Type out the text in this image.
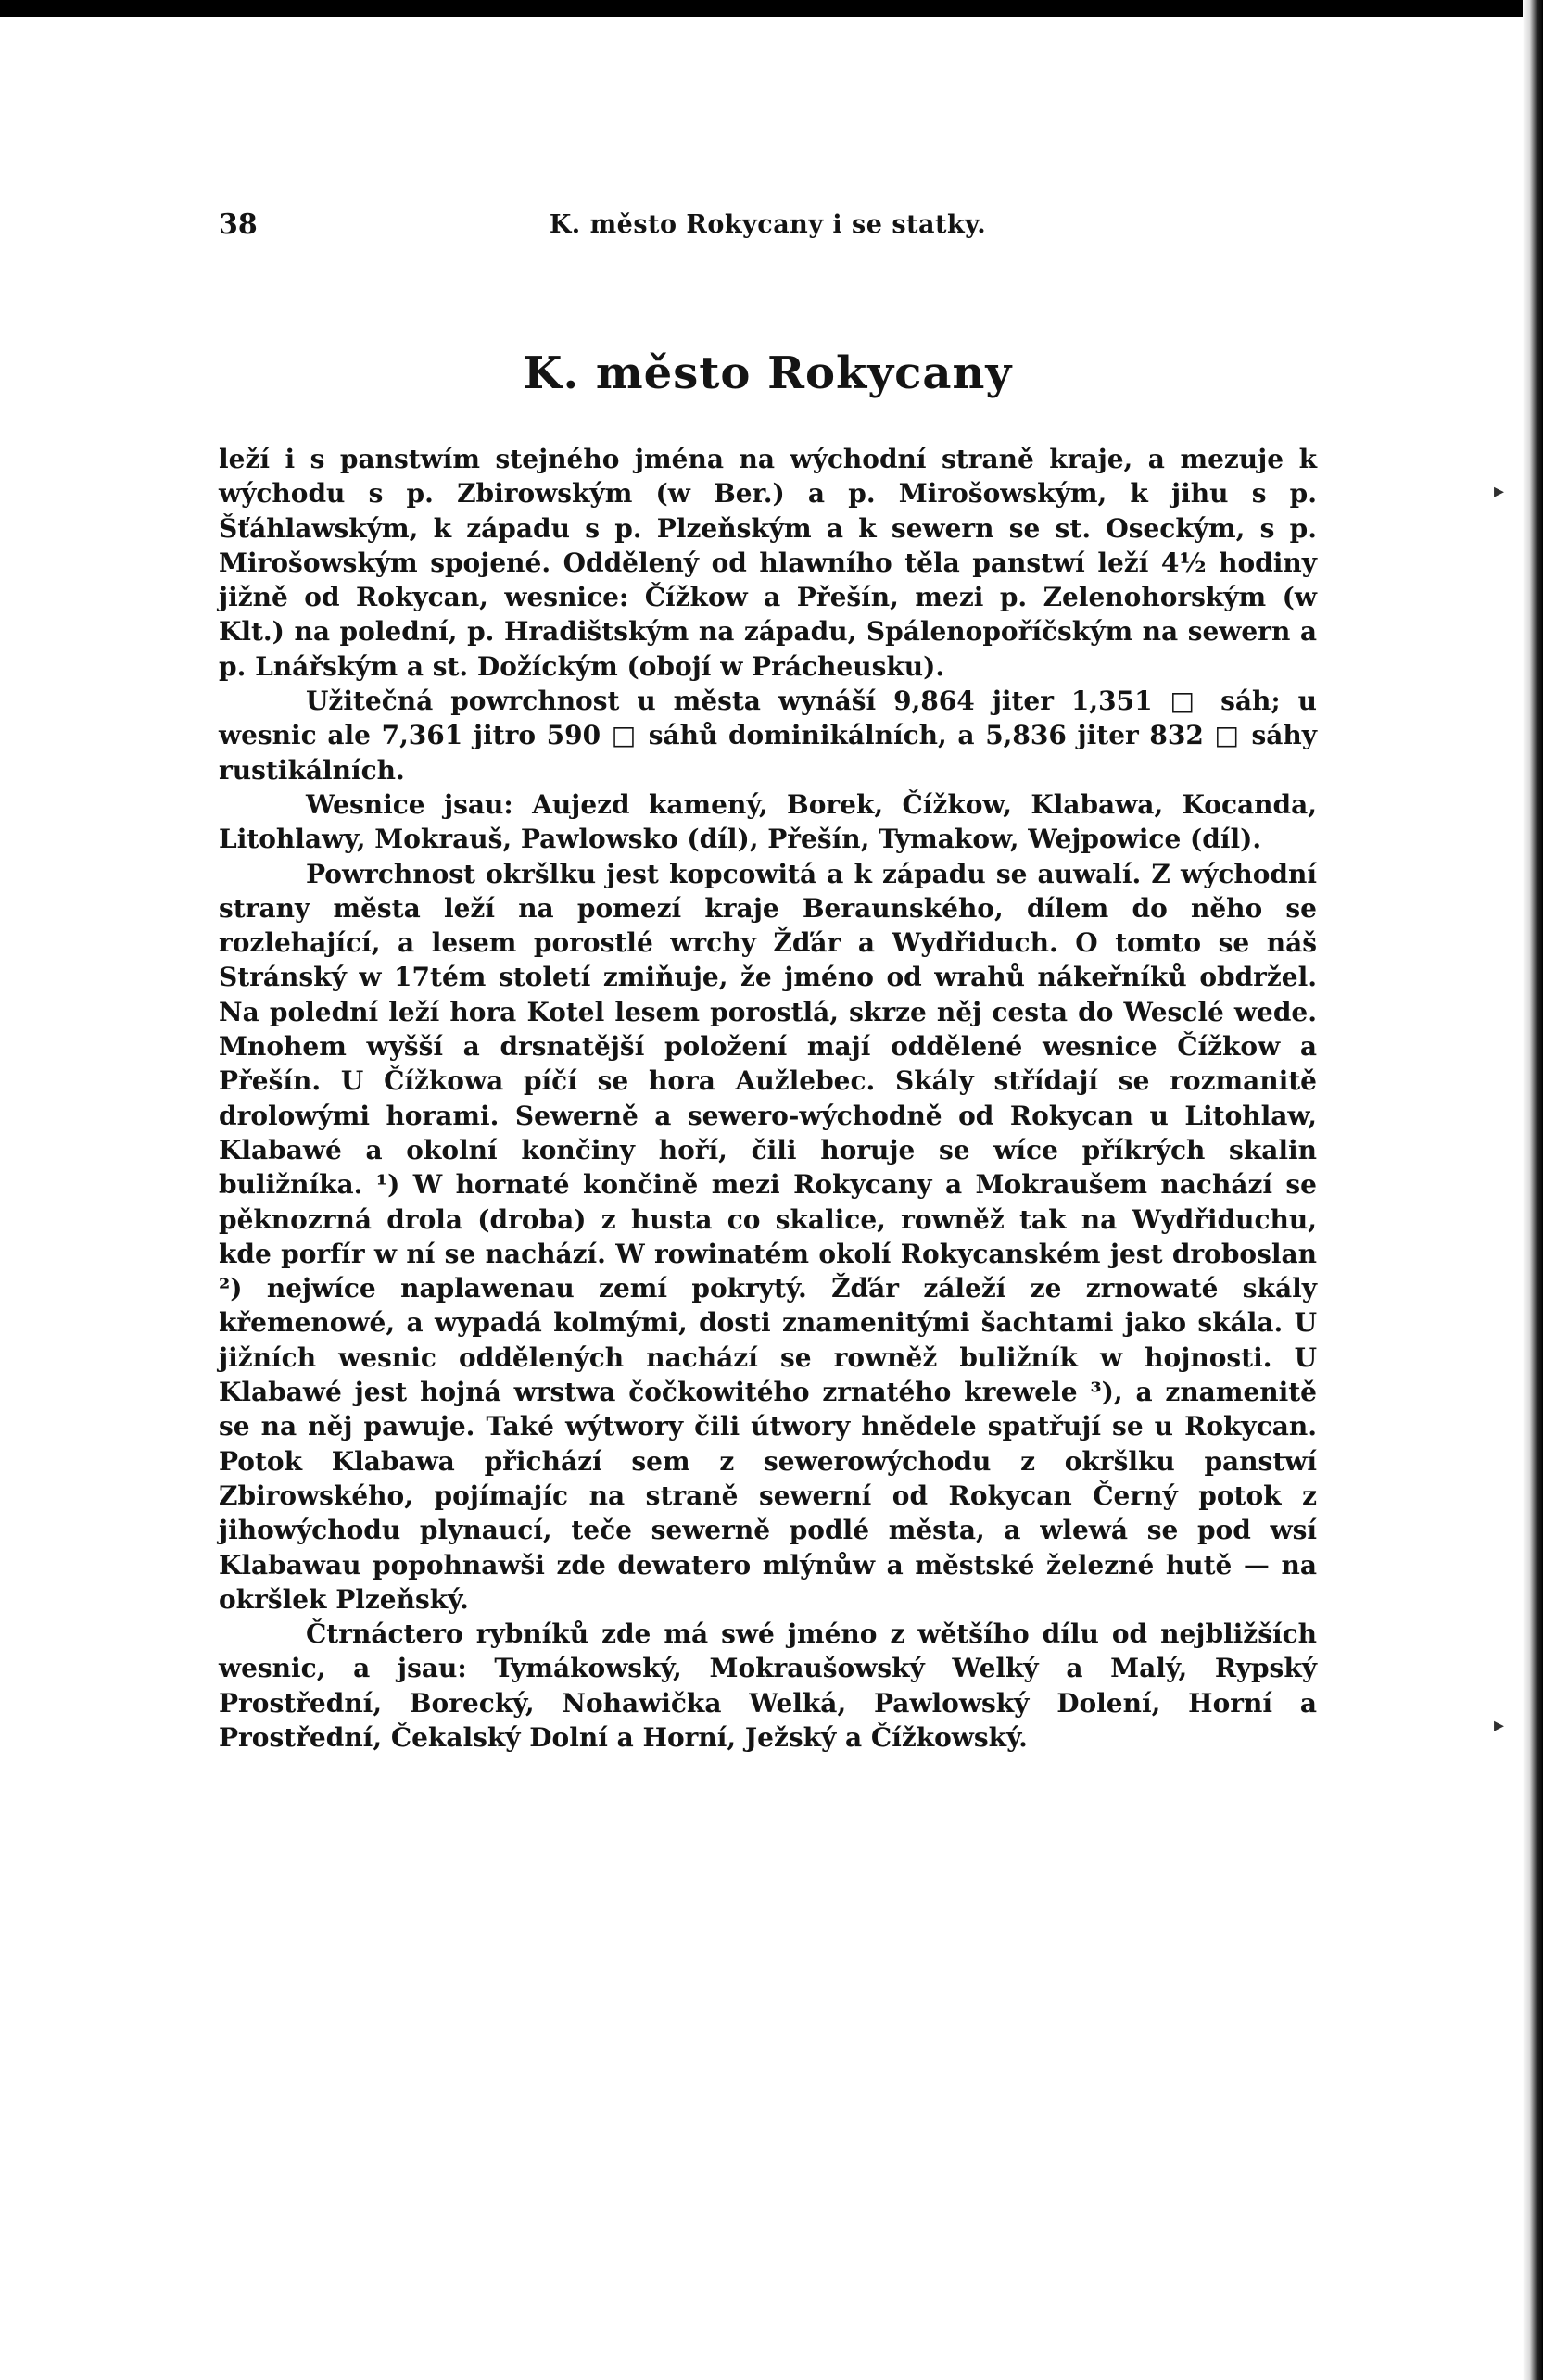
38	K. město Rokycany i se statky.
K. město Rokycany

leží i s panstwím stejného jména na wýchodní straně kraje, a mezuje k wýchodu s p. Zbirowským (w Ber.) a p. Mirošowským, k jihu s p. Šťáhlawským, k západu s p. Plzeňským a k sewern se st. Oseckým, s p. Mirošowským spojené. Oddělený od hlawního těla panstwí leží 4½ hodiny jižně od Rokycan, wesnice: Čížkow a Přešín, mezi p. Zelenohorským (w Klt.) na polední, p. Hradištským na západu, Spálenopoříčským na sewern a p. Lnářským a st. Dožíckým (obojí w Prácheusku).

Užitečná powrchnost u města wynáší 9,864 jiter 1,351 □ sáh; u wesnic ale 7,361 jitro 590 □ sáhů dominikálních, a 5,836 jiter 832 □ sáhy rustikálních.

Wesnice jsau: Aujezd kamený, Borek, Čížkow, Klabawa, Kocanda, Litohlawy, Mokrauš, Pawlowsko (díl), Přešín, Tymakow, Wejpowice (díl).

Powrchnost okršlku jest kopcowitá a k západu se auwalí. Z wýchodní strany města leží na pomezí kraje Beraunského, dílem do něho se rozlehající, a lesem porostlé wrchy Žďár a Wydřiduch. O tomto se náš Stránský w 17tém století zmiňuje, že jméno od wrahů nákeřníků obdržel. Na polední leží hora Kotel lesem porostlá, skrze něj cesta do Wesclé wede. Mnohem wyšší a drsnatější položení mají oddělené wesnice Čížkow a Přešín. U Čížkowa píčí se hora Aužlebec. Skály střídají se rozmanitě drolowými horami. Sewerně a sewero-wýchodně od Rokycan u Litohlaw, Klabawé a okolní končiny hoří, čili horuje se wíce příkrých skalin buližníka. ¹) W hornaté končině mezi Rokycany a Mokraušem nachází se pěknozrná drola (droba) z husta co skalice, rowněž tak na Wydřiduchu, kde porfír w ní se nachází. W rowinatém okolí Rokycanském jest droboslan ²) nejwíce naplawenau zemí pokrytý. Žďár záleží ze zrnowaté skály křemenowé, a wypadá kolmými, dosti znamenitými šachtami jako skála. U jižních wesnic oddělených nachází se rowněž buližník w hojnosti. U Klabawé jest hojná wrstwa čočkowitého zrnatého krewele ³), a znamenitě se na něj pawuje. Také wýtwory čili útwory hnědele spatřují se u Rokycan. Potok Klabawa přichází sem z sewerowýchodu z okršlku panstwí Zbirowského, pojímajíc na straně sewerní od Rokycan Černý potok z jihowýchodu plynaucí, teče sewerně podlé města, a wlewá se pod wsí Klabawau popohnawši zde dewatero mlýnůw a městské železné hutě — na okršlek Plzeňský.

Čtrnáctero rybníků zde má swé jméno z wětšího dílu od nejbližších wesnic, a jsau: Tymákowský, Mokraušowský Welký a Malý, Rypský Prostřední, Borecký, Nohawička Welká, Pawlowský Dolení, Horní a Prostřední, Čekalský Dolní a Horní, Ježský a Čížkowský.

▸
▸
